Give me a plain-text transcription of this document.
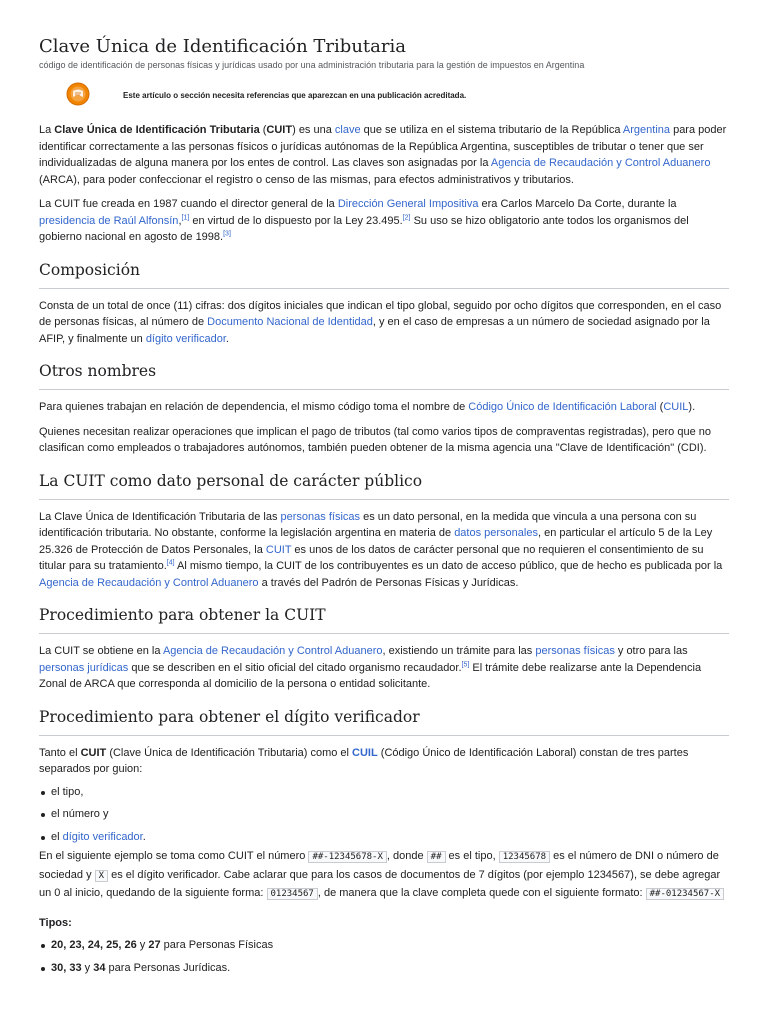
Clave Única de Identificación Tributaria
código de identificación de personas físicas y jurídicas usado por una administración tributaria para la gestión de impuestos en Argentina
Este artículo o sección necesita referencias que aparezcan en una publicación acreditada.

La Clave Única de Identificación Tributaria (CUIT) es una clave que se utiliza en el sistema tributario de la República Argentina para poder identificar correctamente a las personas físicos o jurídicas autónomas de la República Argentina, susceptibles de tributar o tener que ser individualizadas de alguna manera por los entes de control. Las claves son asignadas por la Agencia de Recaudación y Control Aduanero (ARCA), para poder confeccionar el registro o censo de las mismas, para efectos administrativos y tributarios.

La CUIT fue creada en 1987 cuando el director general de la Dirección General Impositiva era Carlos Marcelo Da Corte, durante la presidencia de Raúl Alfonsín,[1] en virtud de lo dispuesto por la Ley 23.495.[2] Su uso se hizo obligatorio ante todos los organismos del gobierno nacional en agosto de 1998.[3]

Composición

Consta de un total de once (11) cifras: dos dígitos iniciales que indican el tipo global, seguido por ocho dígitos que corresponden, en el caso de personas físicas, al número de Documento Nacional de Identidad, y en el caso de empresas a un número de sociedad asignado por la AFIP, y finalmente un dígito verificador.

Otros nombres

Para quienes trabajan en relación de dependencia, el mismo código toma el nombre de Código Único de Identificación Laboral (CUIL).

Quienes necesitan realizar operaciones que implican el pago de tributos (tal como varios tipos de compraventas registradas), pero que no clasifican como empleados o trabajadores autónomos, también pueden obtener de la misma agencia una "Clave de Identificación" (CDI).

La CUIT como dato personal de carácter público

La Clave Única de Identificación Tributaria de las personas físicas es un dato personal, en la medida que vincula a una persona con su identificación tributaria. No obstante, conforme la legislación argentina en materia de datos personales, en particular el artículo 5 de la Ley 25.326 de Protección de Datos Personales, la CUIT es unos de los datos de carácter personal que no requieren el consentimiento de su titular para su tratamiento.[4] Al mismo tiempo, la CUIT de los contribuyentes es un dato de acceso público, que de hecho es publicada por la Agencia de Recaudación y Control Aduanero a través del Padrón de Personas Físicas y Jurídicas.

Procedimiento para obtener la CUIT

La CUIT se obtiene en la Agencia de Recaudación y Control Aduanero, existiendo un trámite para las personas físicas y otro para las personas jurídicas que se describen en el sitio oficial del citado organismo recaudador.[5] El trámite debe realizarse ante la Dependencia Zonal de ARCA que corresponda al domicilio de la persona o entidad solicitante.

Procedimiento para obtener el dígito verificador

Tanto el CUIT (Clave Única de Identificación Tributaria) como el CUIL (Código Único de Identificación Laboral) constan de tres partes separados por guion:

el tipo,
el número y
el dígito verificador.

En el siguiente ejemplo se toma como CUIT el número ##-12345678-X , donde ## es el tipo, 12345678 es el número de DNI o número de sociedad y X es el dígito verificador. Cabe aclarar que para los casos de documentos de 7 dígitos (por ejemplo 1234567), se debe agregar un 0 al inicio, quedando de la siguiente forma: 01234567 , de manera que la clave completa quede con el siguiente formato: ##-01234567-X

Tipos:

20, 23, 24, 25, 26 y 27 para Personas Físicas
30, 33 y 34 para Personas Jurídicas.
